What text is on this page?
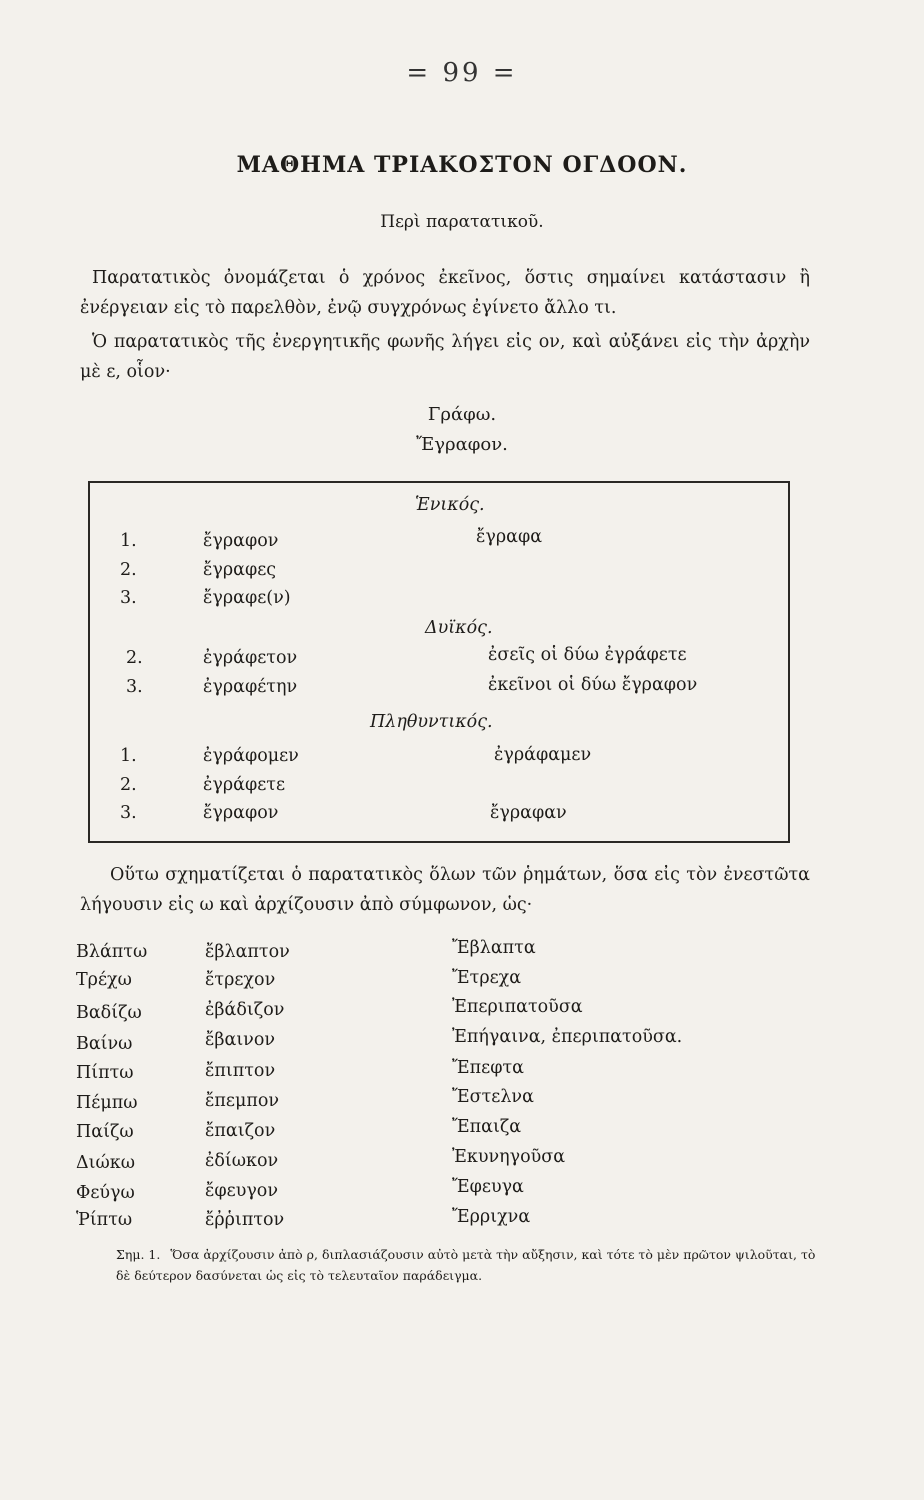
= 99 =
ΜΑΘΗΜΑ ΤΡΙΑΚΟΣΤΟΝ ΟΓΔΟΟΝ.
Περὶ παρατατικοῦ.
Παρατατικὸς ὀνομάζεται ὁ χρόνος ἐκεῖνος, ὅστις σημαίνει κατάστασιν ἢ ἐνέργειαν εἰς τὸ παρελθὸν, ἐνῷ συγχρόνως ἐγίνετο ἄλλο τι.
Ὁ παρατατικὸς τῆς ἐνεργητικῆς φωνῆς λήγει εἰς ον, καὶ αὐξάνει εἰς τὴν ἀρχὴν μὲ ε, οἷον·
Γράφω.
Ἔγραφον.
Ἑνικός.
1.	ἔγραφον	ἔγραφα
2.	ἔγραφες
3.	ἔγραφε(ν)
Δυϊκός.
2.	ἐγράφετον	ἐσεῖς οἱ δύω ἐγράφετε
3.	ἐγραφέτην	ἐκεῖνοι οἱ δύω ἔγραφον
Πληθυντικός.
1.	ἐγράφομεν	ἐγράφαμεν
2.	ἐγράφετε
3.	ἔγραφον	ἔγραφαν
Οὕτω σχηματίζεται ὁ παρατατικὸς ὅλων τῶν ῥημάτων, ὅσα εἰς τὸν ἐνεστῶτα λήγουσιν εἰς ω καὶ ἀρχίζουσιν ἀπὸ σύμφωνον, ὡς·
Βλάπτω	ἔβλαπτον	Ἔβλαπτα
Τρέχω	ἔτρεχον	Ἔτρεχα
Βαδίζω	ἐβάδιζον	Ἐπεριπατοῦσα
Βαίνω	ἔβαινον	Ἐπήγαινα, ἐπεριπατοῦσα.
Πίπτω	ἔπιπτον	Ἔπεφτα
Πέμπω	ἔπεμπον	Ἔστελνα
Παίζω	ἔπαιζον	Ἔπαιζα
Διώκω	ἐδίωκον	Ἐκυνηγοῦσα
Φεύγω	ἔφευγον	Ἔφευγα
Ῥίπτω	ἔῤῥιπτον	Ἔρριχνα
Σημ. 1. Ὅσα ἀρχίζουσιν ἀπὸ ρ, διπλασιάζουσιν αὐτὸ μετὰ τὴν αὔξησιν, καὶ τότε τὸ μὲν πρῶτον ψιλοῦται, τὸ δὲ δεύτερον δασύνεται ὡς εἰς τὸ τελευταῖον παράδειγμα.
